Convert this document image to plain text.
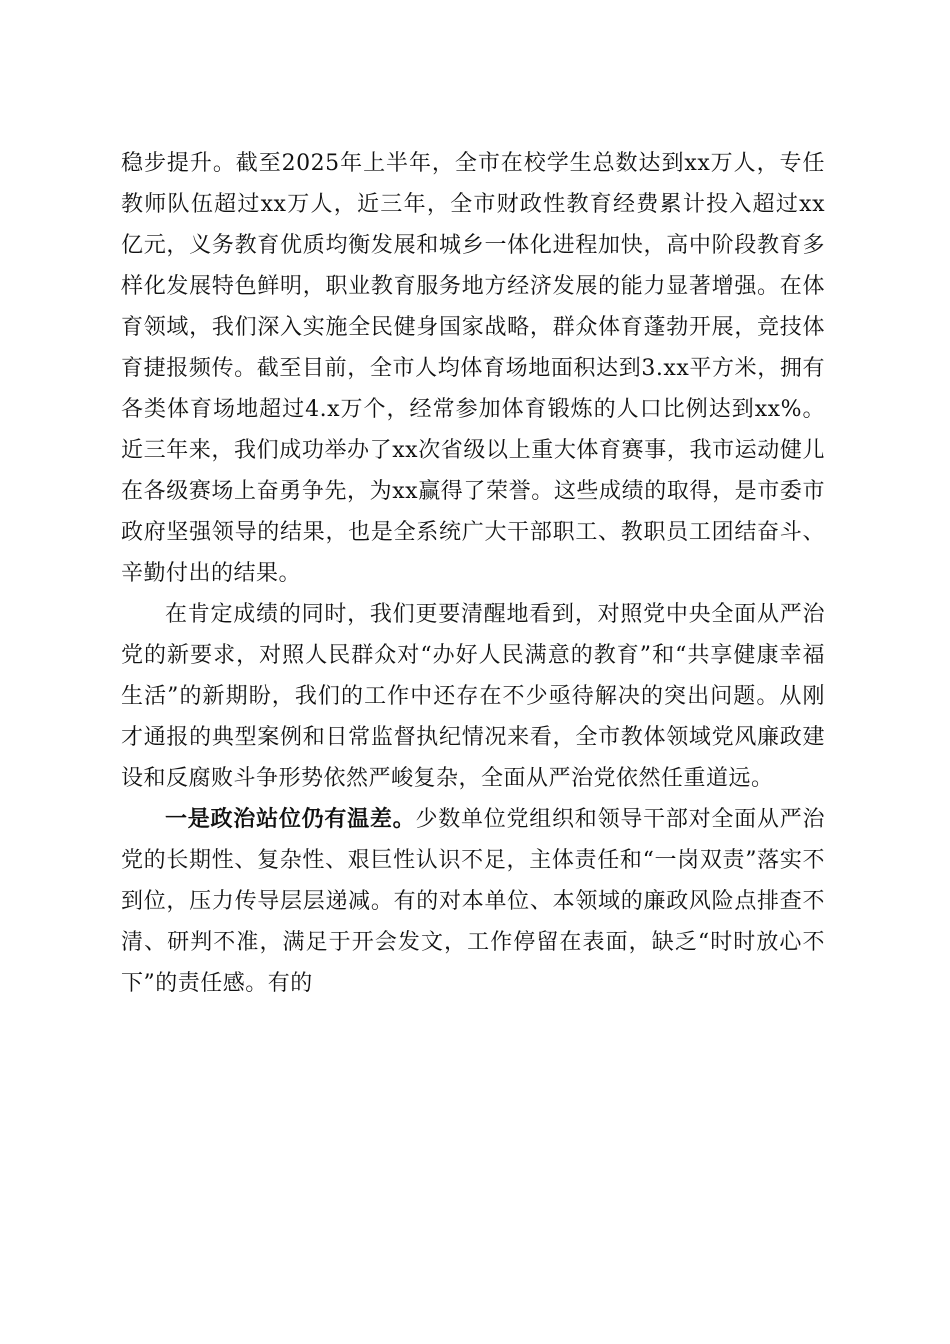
稳步提升。截至2025年上半年，全市在校学生总数达到xx万人，专任教师队伍超过xx万人，近三年，全市财政性教育经费累计投入超过xx亿元，义务教育优质均衡发展和城乡一体化进程加快，高中阶段教育多样化发展特色鲜明，职业教育服务地方经济发展的能力显著增强。在体育领域，我们深入实施全民健身国家战略，群众体育蓬勃开展，竞技体育捷报频传。截至目前，全市人均体育场地面积达到3.xx平方米，拥有各类体育场地超过4.x万个，经常参加体育锻炼的人口比例达到xx%。近三年来，我们成功举办了xx次省级以上重大体育赛事，我市运动健儿在各级赛场上奋勇争先，为xx赢得了荣誉。这些成绩的取得，是市委市政府坚强领导的结果，也是全系统广大干部职工、教职员工团结奋斗、辛勤付出的结果。

在肯定成绩的同时，我们更要清醒地看到，对照党中央全面从严治党的新要求，对照人民群众对“办好人民满意的教育”和“共享健康幸福生活”的新期盼，我们的工作中还存在不少亟待解决的突出问题。从刚才通报的典型案例和日常监督执纪情况来看，全市教体领域党风廉政建设和反腐败斗争形势依然严峻复杂，全面从严治党依然任重道远。

一是政治站位仍有温差。少数单位党组织和领导干部对全面从严治党的长期性、复杂性、艰巨性认识不足，主体责任和“一岗双责”落实不到位，压力传导层层递减。有的对本单位、本领域的廉政风险点排查不清、研判不准，满足于开会发文，工作停留在表面，缺乏“时时放心不下”的责任感。有的
